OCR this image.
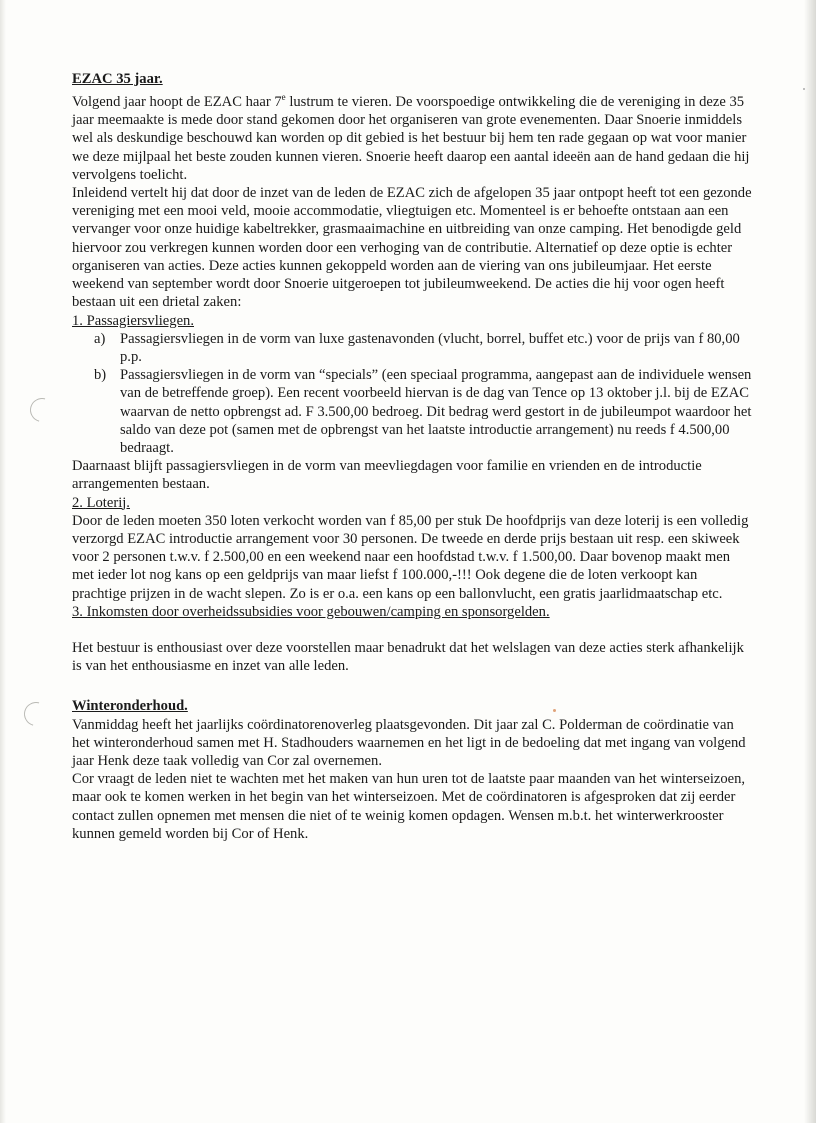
EZAC 35 jaar.

Volgend jaar hoopt de EZAC haar 7e lustrum te vieren. De voorspoedige ontwikkeling die de vereniging in deze 35 jaar meemaakte is mede door stand gekomen door het organiseren van grote evenementen. Daar Snoerie inmiddels wel als deskundige beschouwd kan worden op dit gebied is het bestuur bij hem ten rade gegaan op wat voor manier we deze mijlpaal het beste zouden kunnen vieren. Snoerie heeft daarop een aantal ideeën aan de hand gedaan die hij vervolgens toelicht.

Inleidend vertelt hij dat door de inzet van de leden de EZAC zich de afgelopen 35 jaar ontpopt heeft tot een gezonde vereniging met een mooi veld, mooie accommodatie, vliegtuigen etc. Momenteel is er behoefte ontstaan aan een vervanger voor onze huidige kabeltrekker, grasmaaimachine en uitbreiding van onze camping. Het benodigde geld hiervoor zou verkregen kunnen worden door een verhoging van de contributie. Alternatief op deze optie is echter organiseren van acties. Deze acties kunnen gekoppeld worden aan de viering van ons jubileumjaar. Het eerste weekend van september wordt door Snoerie uitgeroepen tot jubileumweekend. De acties die hij voor ogen heeft bestaan uit een drietal zaken:

1. Passagiersvliegen.

a)	Passagiersvliegen in de vorm van luxe gastenavonden (vlucht, borrel, buffet etc.) voor de prijs van f 80,00 p.p.
b) Passagiersvliegen in de vorm van “specials” (een speciaal programma, aangepast aan de individuele wensen van de betreffende groep). Een recent voorbeeld hiervan is de dag van Tence op 13 oktober j.l. bij de EZAC waarvan de netto opbrengst ad. F 3.500,00 bedroeg. Dit bedrag werd gestort in de jubileumpot waardoor het saldo van deze pot (samen met de opbrengst van het laatste introductie arrangement) nu reeds f 4.500,00 bedraagt.

Daarnaast blijft passagiersvliegen in de vorm van meevliegdagen voor familie en vrienden en de introductie arrangementen bestaan.

2. Loterij.

Door de leden moeten 350 loten verkocht worden van f 85,00 per stuk De hoofdprijs van deze loterij is een volledig verzorgd EZAC introductie arrangement voor 30 personen. De tweede en derde prijs bestaan uit resp. een skiweek voor 2 personen t.w.v. f 2.500,00 en een weekend naar een hoofdstad t.w.v. f 1.500,00. Daar bovenop maakt men met ieder lot nog kans op een geldprijs van maar liefst f 100.000,-!!! Ook degene die de loten verkoopt kan prachtige prijzen in de wacht slepen. Zo is er o.a. een kans op een ballonvlucht, een gratis jaarlidmaatschap etc.

3. Inkomsten door overheidssubsidies voor gebouwen/camping en sponsorgelden.

Het bestuur is enthousiast over deze voorstellen maar benadrukt dat het welslagen van deze acties sterk afhankelijk is van het enthousiasme en inzet van alle leden.

Winteronderhoud.

Vanmiddag heeft het jaarlijks coördinatorenoverleg plaatsgevonden. Dit jaar zal C. Polderman de coördinatie van het winteronderhoud samen met H. Stadhouders waarnemen en het ligt in de bedoeling dat met ingang van volgend jaar Henk deze taak volledig van Cor zal overnemen.

Cor vraagt de leden niet te wachten met het maken van hun uren tot de laatste paar maanden van het winterseizoen, maar ook te komen werken in het begin van het winterseizoen. Met de coördinatoren is afgesproken dat zij eerder contact zullen opnemen met mensen die niet of te weinig komen opdagen. Wensen m.b.t. het winterwerkrooster kunnen gemeld worden bij Cor of Henk.
